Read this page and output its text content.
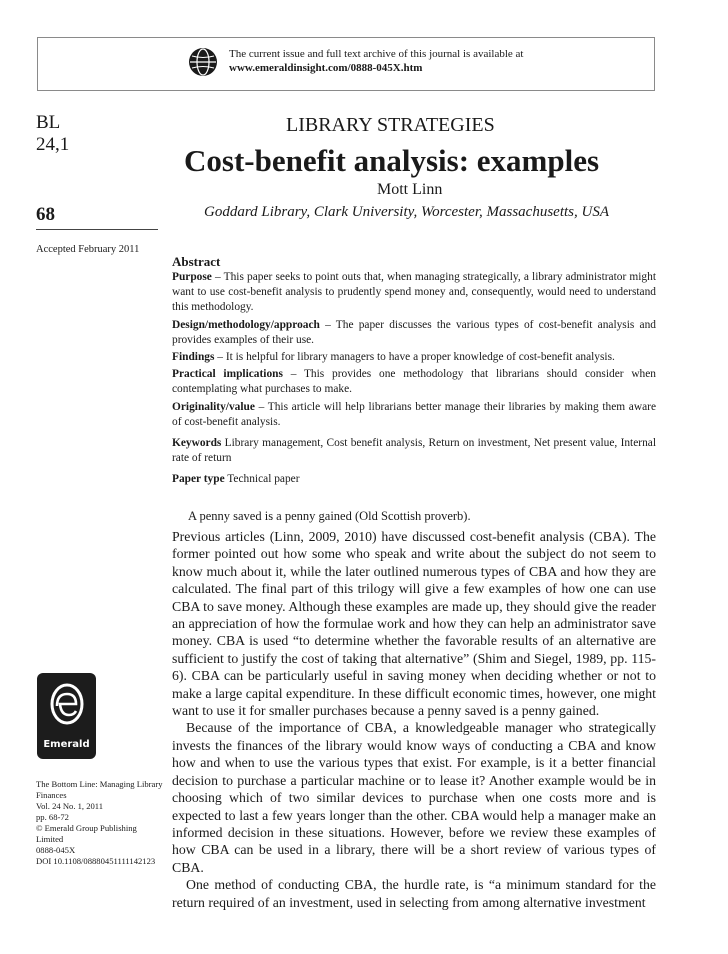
The current issue and full text archive of this journal is available at
www.emeraldinsight.com/0888-045X.htm
BL
24,1
68
Accepted February 2011
LIBRARY STRATEGIES
Cost-benefit analysis: examples
Mott Linn
Goddard Library, Clark University, Worcester, Massachusetts, USA
Abstract

Purpose – This paper seeks to point outs that, when managing strategically, a library administrator might want to use cost-benefit analysis to prudently spend money and, consequently, would need to understand this methodology.

Design/methodology/approach – The paper discusses the various types of cost-benefit analysis and provides examples of their use.

Findings – It is helpful for library managers to have a proper knowledge of cost-benefit analysis.

Practical implications – This provides one methodology that librarians should consider when contemplating what purchases to make.

Originality/value – This article will help librarians better manage their libraries by making them aware of cost-benefit analysis.

Keywords Library management, Cost benefit analysis, Return on investment, Net present value, Internal rate of return

Paper type Technical paper

A penny saved is a penny gained (Old Scottish proverb).

Previous articles (Linn, 2009, 2010) have discussed cost-benefit analysis (CBA). The former pointed out how some who speak and write about the subject do not seem to know much about it, while the later outlined numerous types of CBA and how they are calculated. The final part of this trilogy will give a few examples of how one can use CBA to save money. Although these examples are made up, they should give the reader an appreciation of how the formulae work and how they can help an administrator save money. CBA is used “to determine whether the favorable results of an alternative are sufficient to justify the cost of taking that alternative” (Shim and Siegel, 1989, pp. 115-6). CBA can be particularly useful in saving money when deciding whether or not to make a large capital expenditure. In these difficult economic times, however, one might want to use it for smaller purchases because a penny saved is a penny gained.

Because of the importance of CBA, a knowledgeable manager who strategically invests the finances of the library would know ways of conducting a CBA and know how and when to use the various types that exist. For example, is it a better financial decision to purchase a particular machine or to lease it? Another example would be in choosing which of two similar devices to purchase when one costs more and is expected to last a few years longer than the other. CBA would help a manager make an informed decision in these situations. However, before we review these examples of how CBA can be used in a library, there will be a short review of various types of CBA.

One method of conducting CBA, the hurdle rate, is “a minimum standard for the return required of an investment, used in selecting from among alternative investment

Emerald
The Bottom Line: Managing Library Finances
Vol. 24 No. 1, 2011
pp. 68-72
© Emerald Group Publishing Limited
0888-045X
DOI 10.1108/08880451111142123
